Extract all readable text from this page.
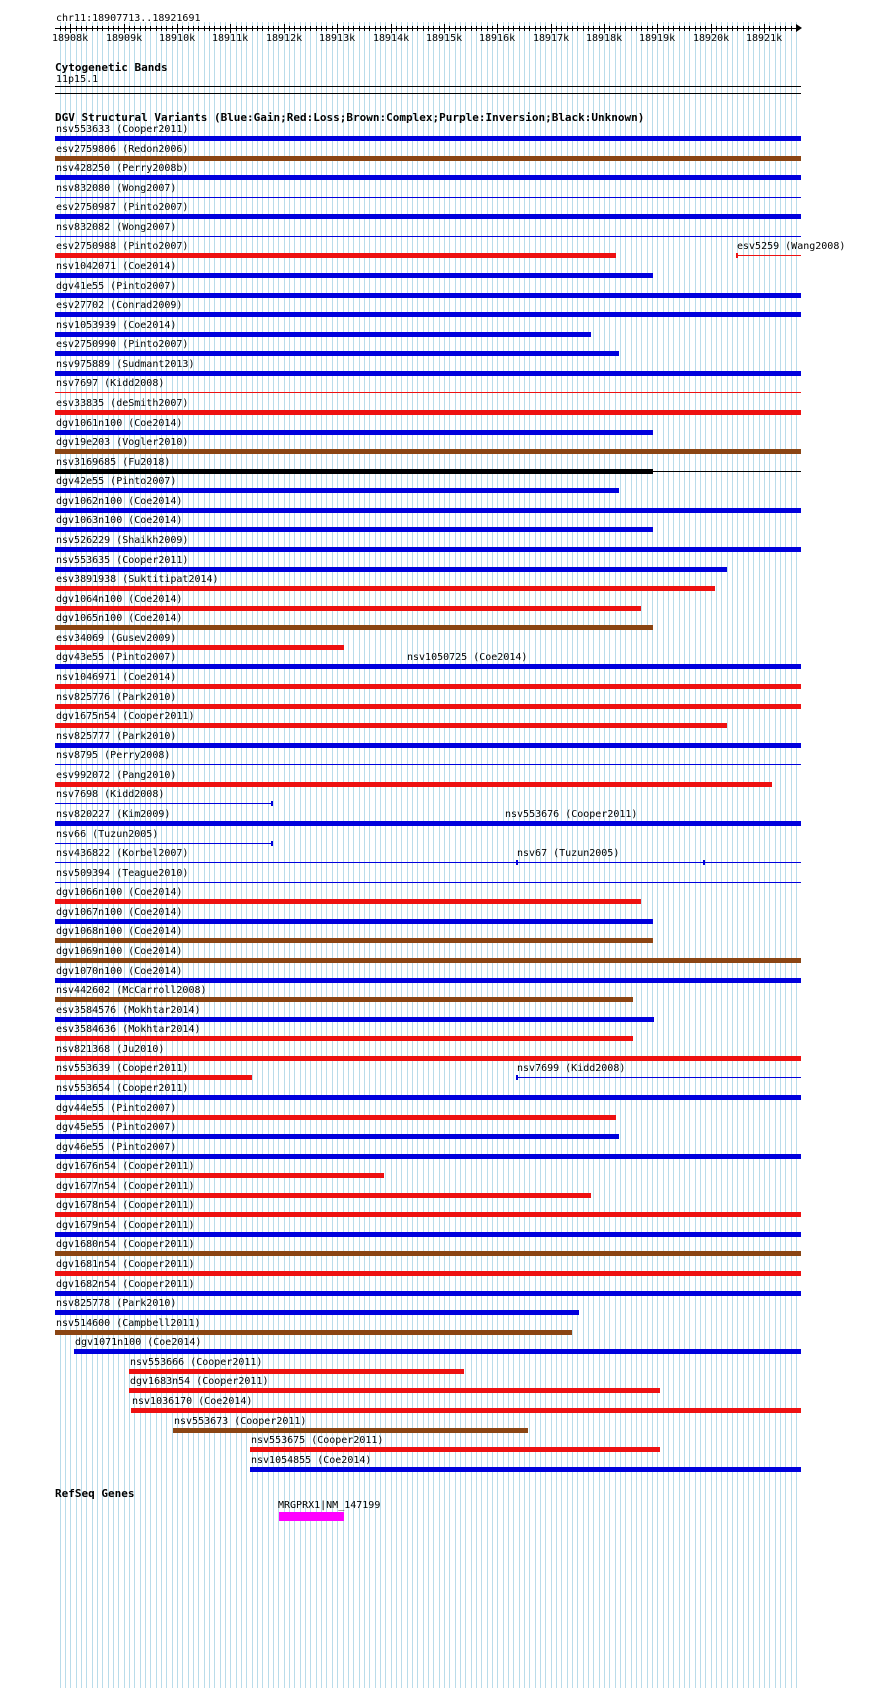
chr11:18907713..18921691
18908k 18909k 18910k 18911k 18912k 18913k 18914k 18915k 18916k 18917k 18918k 18919k 18920k 18921k
Cytogenetic Bands
11p15.1
DGV Structural Variants (Blue:Gain;Red:Loss;Brown:Complex;Purple:Inversion;Black:Unknown)
nsv553633 (Cooper2011)
esv2759806 (Redon2006)
nsv428250 (Perry2008b)
nsv832080 (Wong2007)
esv2750987 (Pinto2007)
nsv832082 (Wong2007)
esv2750988 (Pinto2007)	esv5259 (Wang2008)
nsv1042071 (Coe2014)
dgv41e55 (Pinto2007)
esv27702 (Conrad2009)
nsv1053939 (Coe2014)
esv2750990 (Pinto2007)
nsv975889 (Sudmant2013)
nsv7697 (Kidd2008)
esv33835 (deSmith2007)
dgv1061n100 (Coe2014)
dgv19e203 (Vogler2010)
nsv3169685 (Fu2018)
dgv42e55 (Pinto2007)
dgv1062n100 (Coe2014)
dgv1063n100 (Coe2014)
nsv526229 (Shaikh2009)
nsv553635 (Cooper2011)
esv3891938 (Suktitipat2014)
dgv1064n100 (Coe2014)
dgv1065n100 (Coe2014)
esv34069 (Gusev2009)
nsv1050725 (Coe2014)
dgv43e55 (Pinto2007)
nsv1046971 (Coe2014)
nsv825776 (Park2010)
dgv1675n54 (Cooper2011)
nsv825777 (Park2010)
nsv8795 (Perry2008)
esv992072 (Pang2010)
nsv7698 (Kidd2008)
nsv553676 (Cooper2011)
nsv820227 (Kim2009)
nsv66 (Tuzun2005)
nsv67 (Tuzun2005)
nsv436822 (Korbel2007)
nsv509394 (Teague2010)
dgv1066n100 (Coe2014)
dgv1067n100 (Coe2014)
dgv1068n100 (Coe2014)
dgv1069n100 (Coe2014)
dgv1070n100 (Coe2014)
nsv442602 (McCarroll2008)
esv3584576 (Mokhtar2014)
esv3584636 (Mokhtar2014)
nsv821368 (Ju2010)
nsv553639 (Cooper2011)	nsv7699 (Kidd2008)
nsv553654 (Cooper2011)
dgv44e55 (Pinto2007)
dgv45e55 (Pinto2007)
dgv46e55 (Pinto2007)
dgv1676n54 (Cooper2011)
dgv1677n54 (Cooper2011)
dgv1678n54 (Cooper2011)
dgv1679n54 (Cooper2011)
dgv1680n54 (Cooper2011)
dgv1681n54 (Cooper2011)
dgv1682n54 (Cooper2011)
nsv825778 (Park2010)
nsv514600 (Campbell2011)
dgv1071n100 (Coe2014)
nsv553666 (Cooper2011)
dgv1683n54 (Cooper2011)
nsv1036170 (Coe2014)
nsv553673 (Cooper2011)
nsv553675 (Cooper2011)
nsv1054855 (Coe2014)
RefSeq Genes
MRGPRX1|NM_147199
